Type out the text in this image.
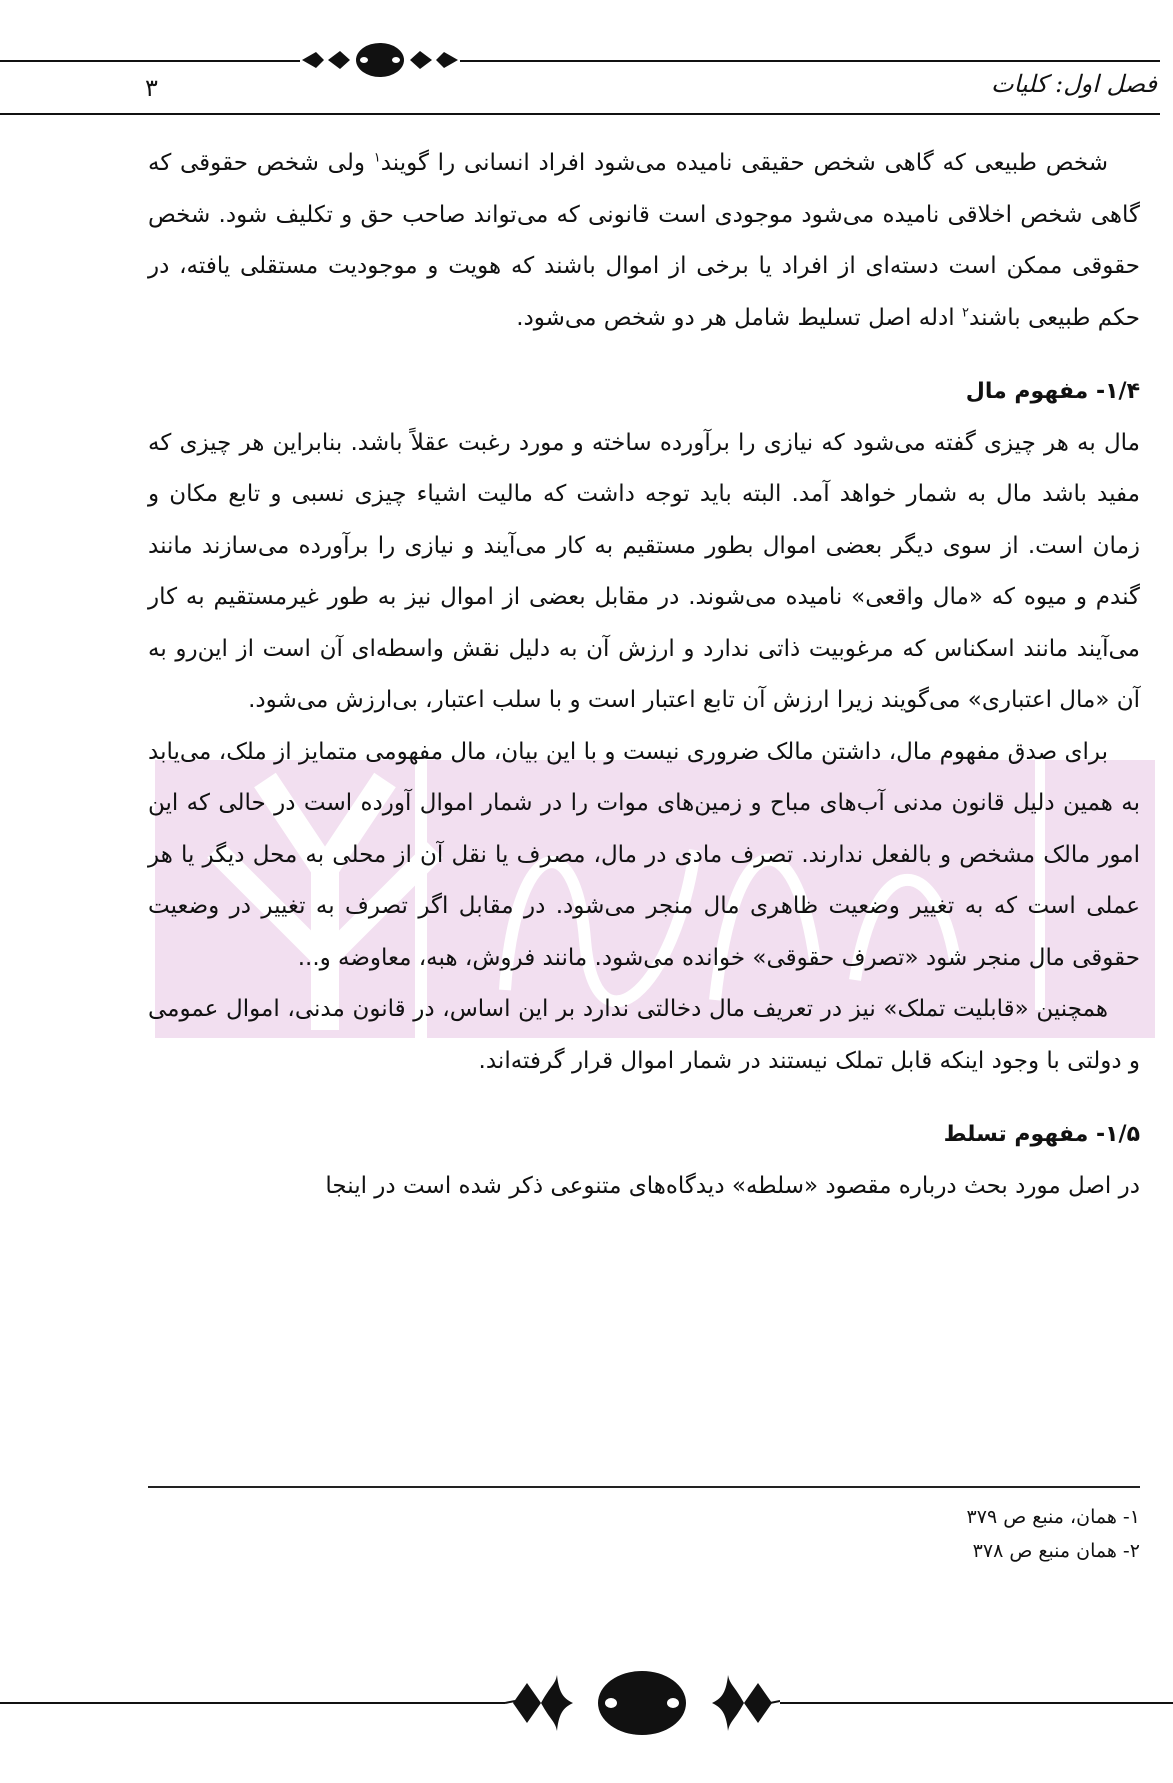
فصل اول: کلیات
۳

شخص طبیعی که گاهی شخص حقیقی نامیده می‌شود افراد انسانی را گویند$^۱$ ولی شخص حقوقی که گاهی شخص اخلاقی نامیده می‌شود موجودی است قانونی که می‌تواند صاحب حق و تکلیف شود. شخص حقوقی ممکن است دسته‌ای از افراد یا برخی از اموال باشند که هویت و موجودیت مستقلی یافته، در حکم طبیعی باشند$^۲$ ادله اصل تسلیط شامل هر دو شخص می‌شود.

۱/۴- مفهوم مال

مال به هر چیزی گفته می‌شود که نیازی را برآورده ساخته و مورد رغبت عقلاً باشد. بنابراین هر چیزی که مفید باشد مال به شمار خواهد آمد. البته باید توجه داشت که مالیت اشیاء چیزی نسبی و تابع مکان و زمان است. از سوی دیگر بعضی اموال بطور مستقیم به کار می‌آیند و نیازی را برآورده می‌سازند مانند گندم و میوه که «مال واقعی» نامیده می‌شوند. در مقابل بعضی از اموال نیز به طور غیرمستقیم به کار می‌آیند مانند اسکناس که مرغوبیت ذاتی ندارد و ارزش آن به دلیل نقش واسطه‌ای آن است از این‌رو به آن «مال اعتباری» می‌گویند زیرا ارزش آن تابع اعتبار است و با سلب اعتبار، بی‌ارزش می‌شود.

برای صدق مفهوم مال، داشتن مالک ضروری نیست و با این بیان، مال مفهومی متمایز از ملک، می‌یابد به همین دلیل قانون مدنی آب‌های مباح و زمین‌های موات را در شمار اموال آورده است در حالی که این امور مالک مشخص و بالفعل ندارند. تصرف مادی در مال، مصرف یا نقل آن از محلی به محل دیگر یا هر عملی است که به تغییر وضعیت ظاهری مال منجر می‌شود. در مقابل اگر تصرف به تغییر در وضعیت حقوقی مال منجر شود «تصرف حقوقی» خوانده می‌شود. مانند فروش، هبه، معاوضه و...

همچنین «قابلیت تملک» نیز در تعریف مال دخالتی ندارد بر این اساس، در قانون مدنی، اموال عمومی و دولتی با وجود اینکه قابل تملک نیستند در شمار اموال قرار گرفته‌اند.

۱/۵- مفهوم تسلط

در اصل مورد بحث درباره مقصود «سلطه» دیدگاه‌های متنوعی ذکر شده است در اینجا

۱- همان، منبع ص ۳۷۹
۲- همان منبع ص ۳۷۸
